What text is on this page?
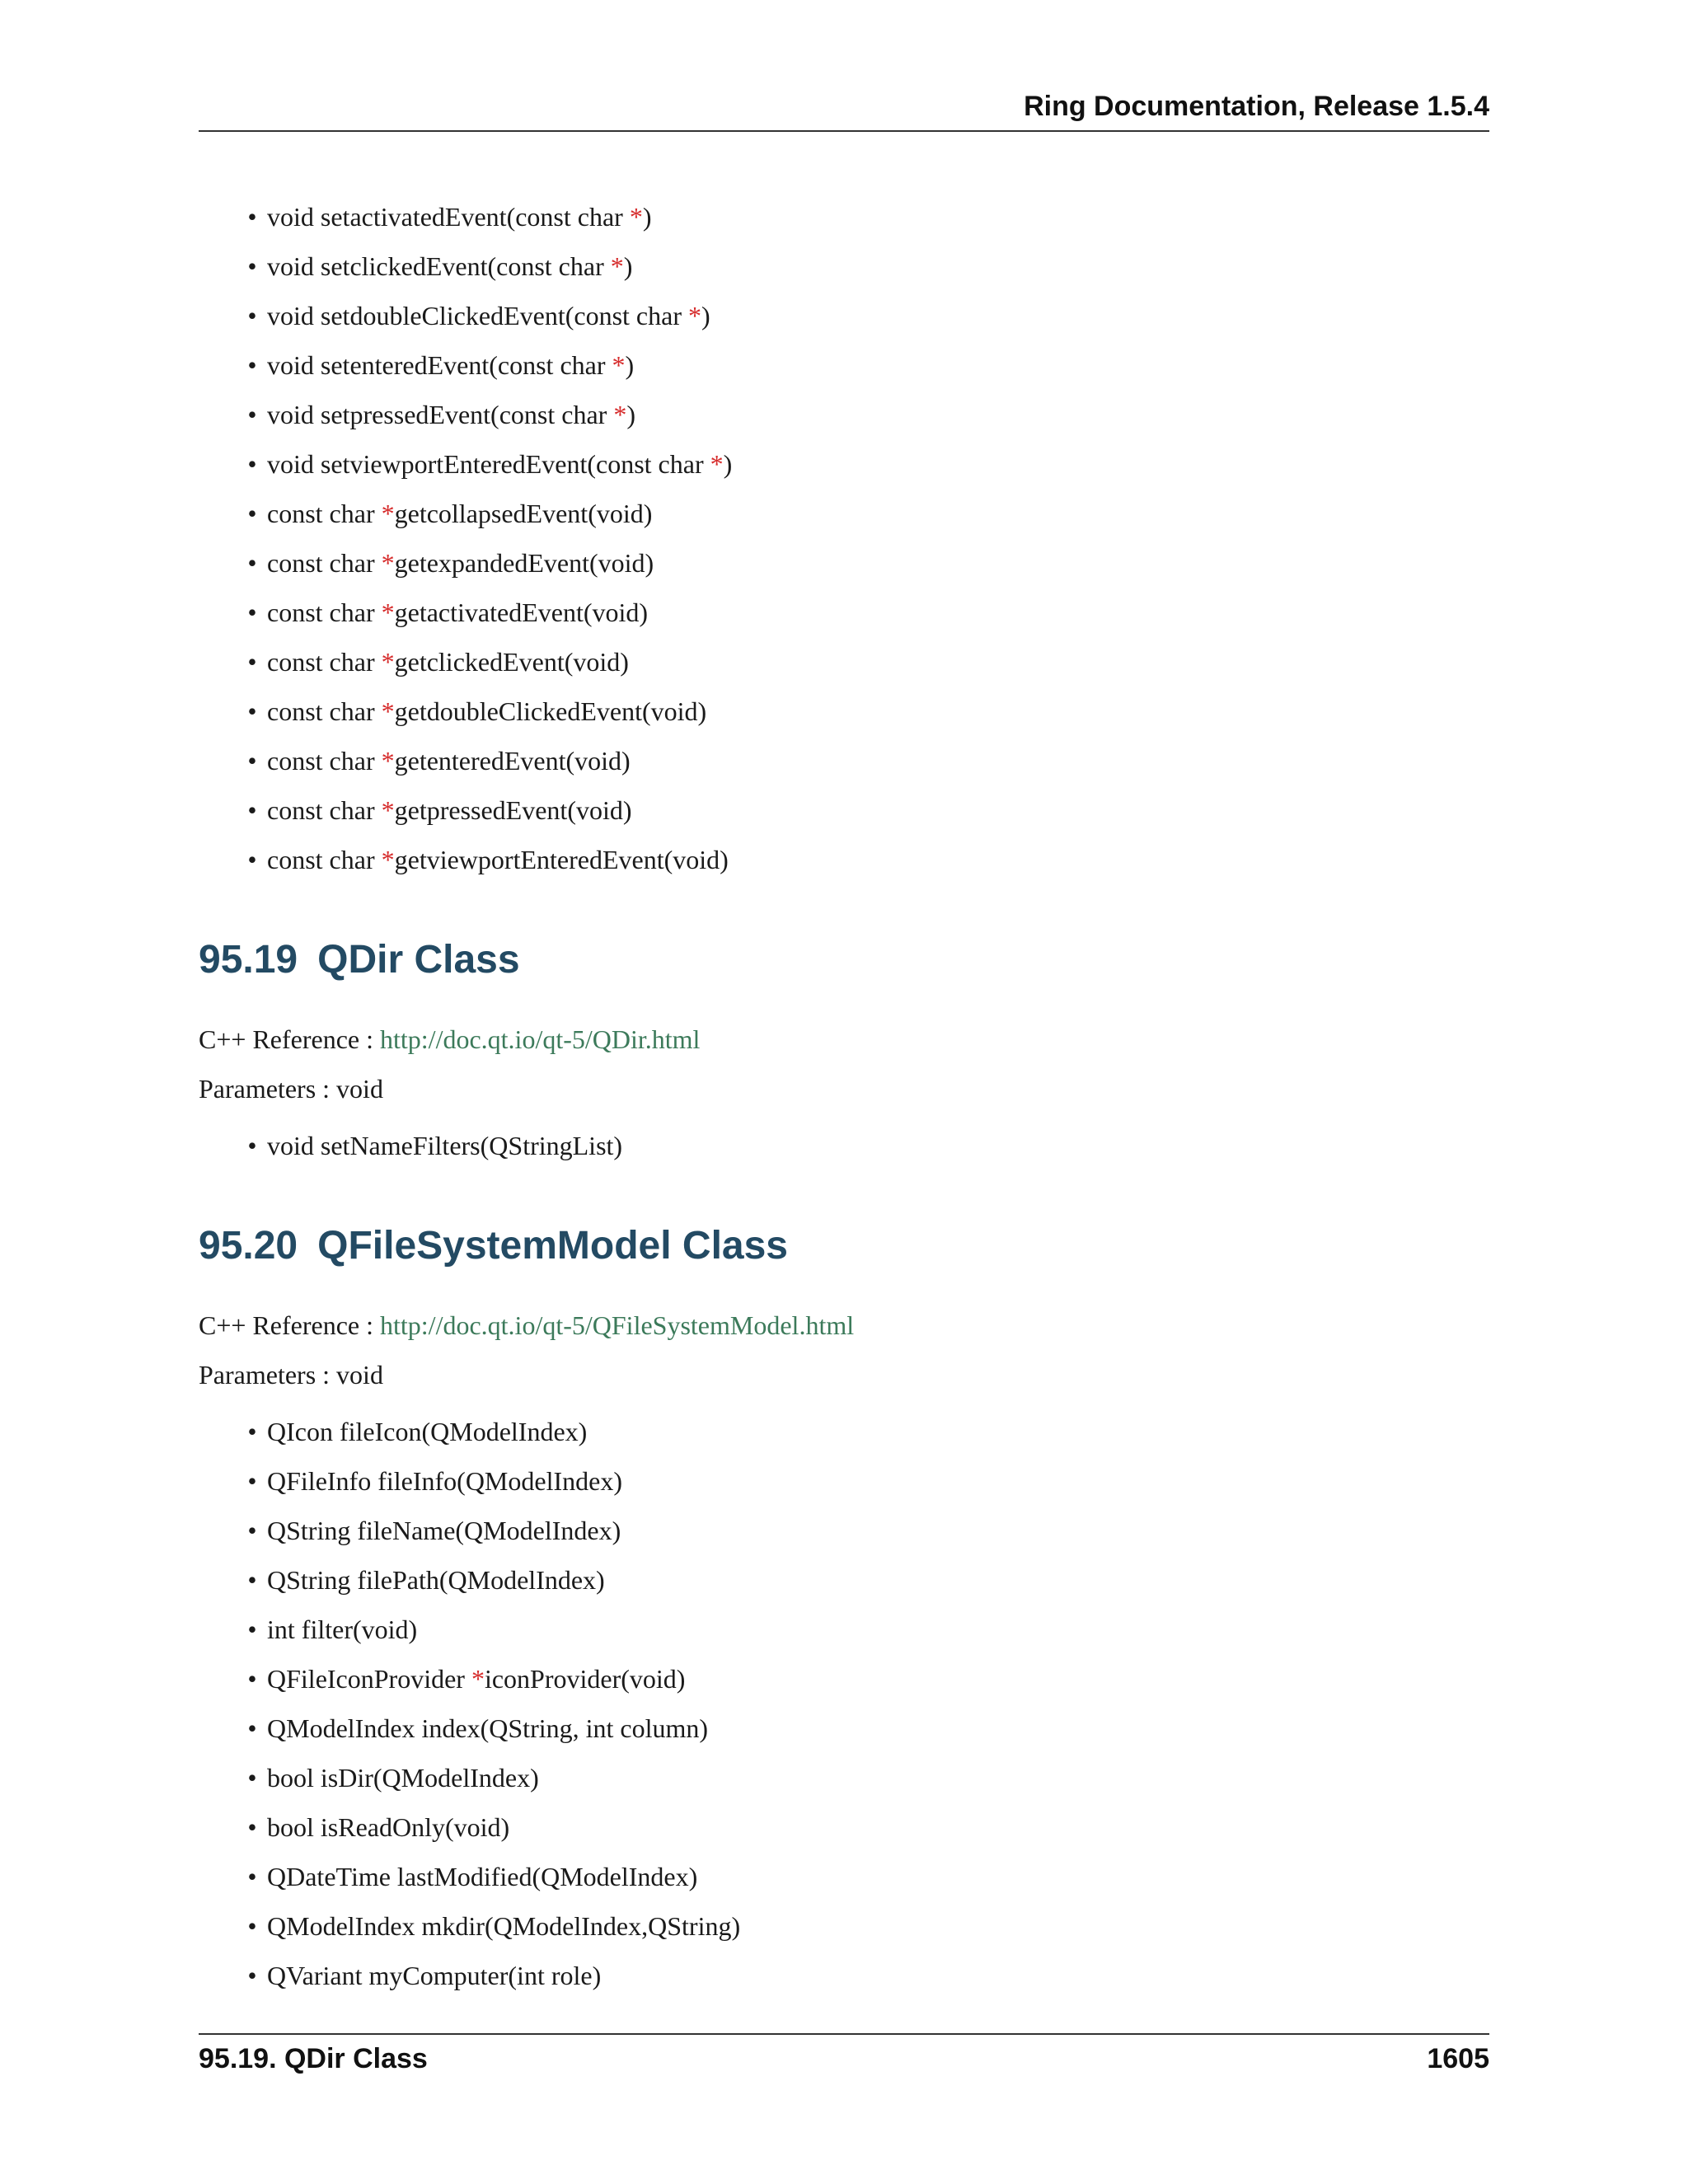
Ring Documentation, Release 1.5.4
• void setactivatedEvent(const char *)
• void setclickedEvent(const char *)
• void setdoubleClickedEvent(const char *)
• void setenteredEvent(const char *)
• void setpressedEvent(const char *)
• void setviewportEnteredEvent(const char *)
• const char *getcollapsedEvent(void)
• const char *getexpandedEvent(void)
• const char *getactivatedEvent(void)
• const char *getclickedEvent(void)
• const char *getdoubleClickedEvent(void)
• const char *getenteredEvent(void)
• const char *getpressedEvent(void)
• const char *getviewportEnteredEvent(void)
95.19 QDir Class
C++ Reference : http://doc.qt.io/qt-5/QDir.html
Parameters : void
• void setNameFilters(QStringList)
95.20 QFileSystemModel Class
C++ Reference : http://doc.qt.io/qt-5/QFileSystemModel.html
Parameters : void
• QIcon fileIcon(QModelIndex)
• QFileInfo fileInfo(QModelIndex)
• QString fileName(QModelIndex)
• QString filePath(QModelIndex)
• int filter(void)
• QFileIconProvider *iconProvider(void)
• QModelIndex index(QString, int column)
• bool isDir(QModelIndex)
• bool isReadOnly(void)
• QDateTime lastModified(QModelIndex)
• QModelIndex mkdir(QModelIndex,QString)
• QVariant myComputer(int role)
95.19. QDir Class	1605
